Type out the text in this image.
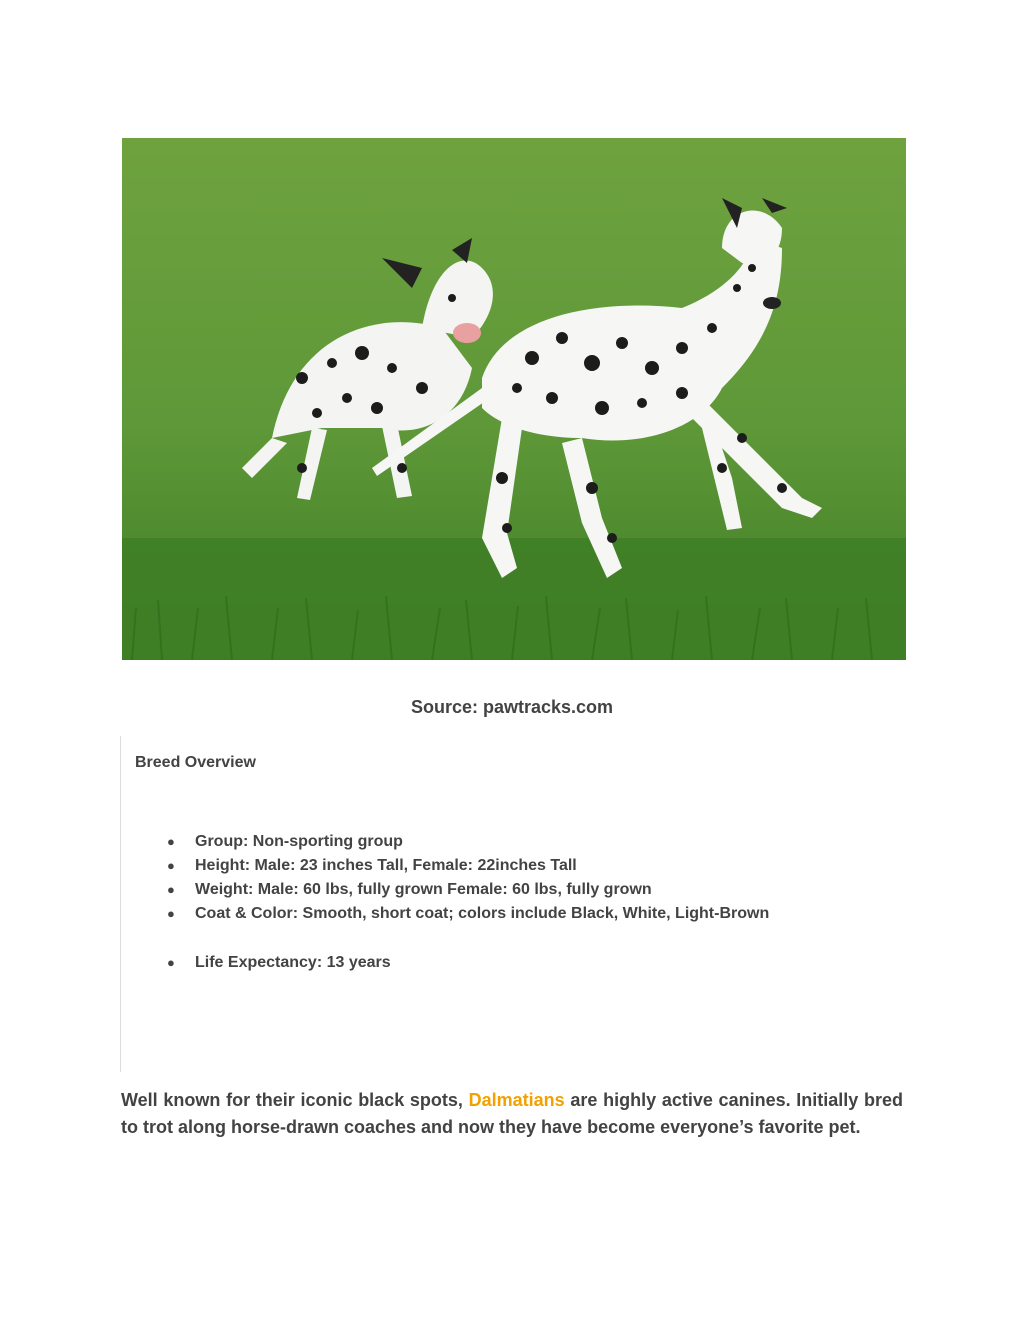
Source: pawtracks.com
Breed Overview
● Group: Non-sporting group
● Height: Male: 23 inches Tall, Female: 22inches Tall
● Weight: Male: 60 lbs, fully grown Female: 60 lbs, fully grown
● Coat & Color: Smooth, short coat; colors include Black, White, Light-Brown
● Life Expectancy: 13 years

Well known for their iconic black spots, Dalmatians are highly active canines. Initially bred to trot along horse-drawn coaches and now they have become everyone’s favorite pet.
